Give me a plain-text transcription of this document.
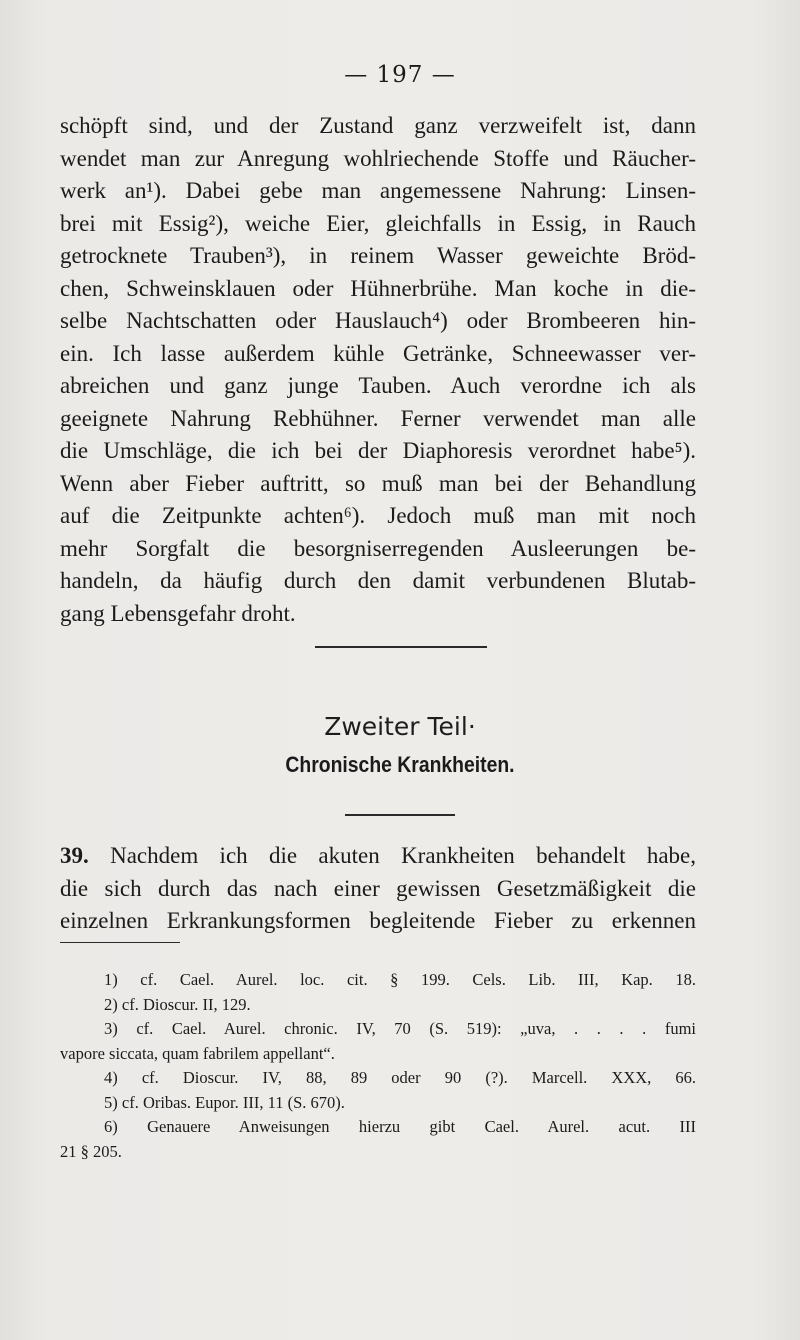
— 197 —
schöpft sind, und der Zustand ganz verzweifelt ist, dann
wendet man zur Anregung wohlriechende Stoffe und Räucher-
werk an¹). Dabei gebe man angemessene Nahrung: Linsen-
brei mit Essig²), weiche Eier, gleichfalls in Essig, in Rauch
getrocknete Trauben³), in reinem Wasser geweichte Bröd-
chen, Schweinsklauen oder Hühnerbrühe. Man koche in die-
selbe Nachtschatten oder Hauslauch⁴) oder Brombeeren hin-
ein. Ich lasse außerdem kühle Getränke, Schneewasser ver-
abreichen und ganz junge Tauben. Auch verordne ich als
geeignete Nahrung Rebhühner. Ferner verwendet man alle
die Umschläge, die ich bei der Diaphoresis verordnet habe⁵).
Wenn aber Fieber auftritt, so muß man bei der Behandlung
auf die Zeitpunkte achten⁶). Jedoch muß man mit noch
mehr Sorgfalt die besorgniserregenden Ausleerungen be-
handeln, da häufig durch den damit verbundenen Blutab-
gang Lebensgefahr droht.
Zweiter Teil·
Chronische Krankheiten.
39. Nachdem ich die akuten Krankheiten behandelt habe,
die sich durch das nach einer gewissen Gesetzmäßigkeit die
einzelnen Erkrankungsformen begleitende Fieber zu erkennen
1) cf. Cael. Aurel. loc. cit. § 199. Cels. Lib. III, Kap. 18.
2) cf. Dioscur. II, 129.
3) cf. Cael. Aurel. chronic. IV, 70 (S. 519): „uva, . . . . fumi
vapore siccata, quam fabrilem appellant“.
4) cf. Dioscur. IV, 88, 89 oder 90 (?). Marcell. XXX, 66.
5) cf. Oribas. Eupor. III, 11 (S. 670).
6) Genauere Anweisungen hierzu gibt Cael. Aurel. acut. III
21 § 205.
